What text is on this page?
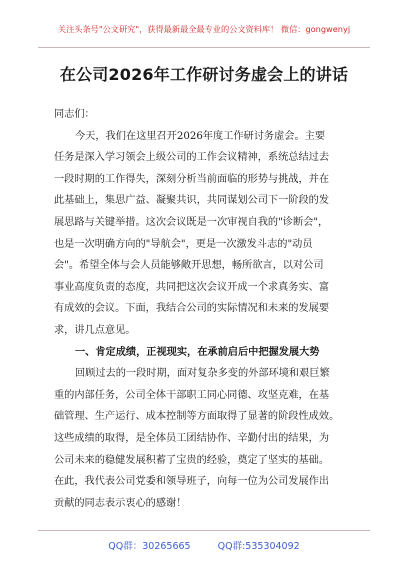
关注头条号"公文研究"，获得最新最全最专业的公文资料库！ 微信：gongwenyj
在公司2026年工作研讨务虚会上的讲话
同志们：
今天，我们在这里召开2026年度工作研讨务虚会。主要
任务是深入学习领会上级公司的工作会议精神，系统总结过去
一段时期的工作得失，深刻分析当前面临的形势与挑战，并在
此基础上，集思广益、凝聚共识，共同谋划公司下一阶段的发
展思路与关键举措。这次会议既是一次审视自我的"诊断会"，
也是一次明确方向的"导航会"，更是一次激发斗志的"动员
会"。希望全体与会人员能够敞开思想，畅所欲言，以对公司
事业高度负责的态度，共同把这次会议开成一个求真务实、富
有成效的会议。下面，我结合公司的实际情况和未来的发展要
求，讲几点意见。
一、肯定成绩，正视现实，在承前启后中把握发展大势
回顾过去的一段时期，面对复杂多变的外部环境和艰巨繁
重的内部任务，公司全体干部职工同心同德、攻坚克难，在基
础管理、生产运行、成本控制等方面取得了显著的阶段性成效。
这些成绩的取得，是全体员工团结协作、辛勤付出的结果，为
公司未来的稳健发展积蓄了宝贵的经验，奠定了坚实的基础。
在此，我代表公司党委和领导班子，向每一位为公司发展作出
贡献的同志表示衷心的感谢！
QQ群：30265665	QQ群:535304092
